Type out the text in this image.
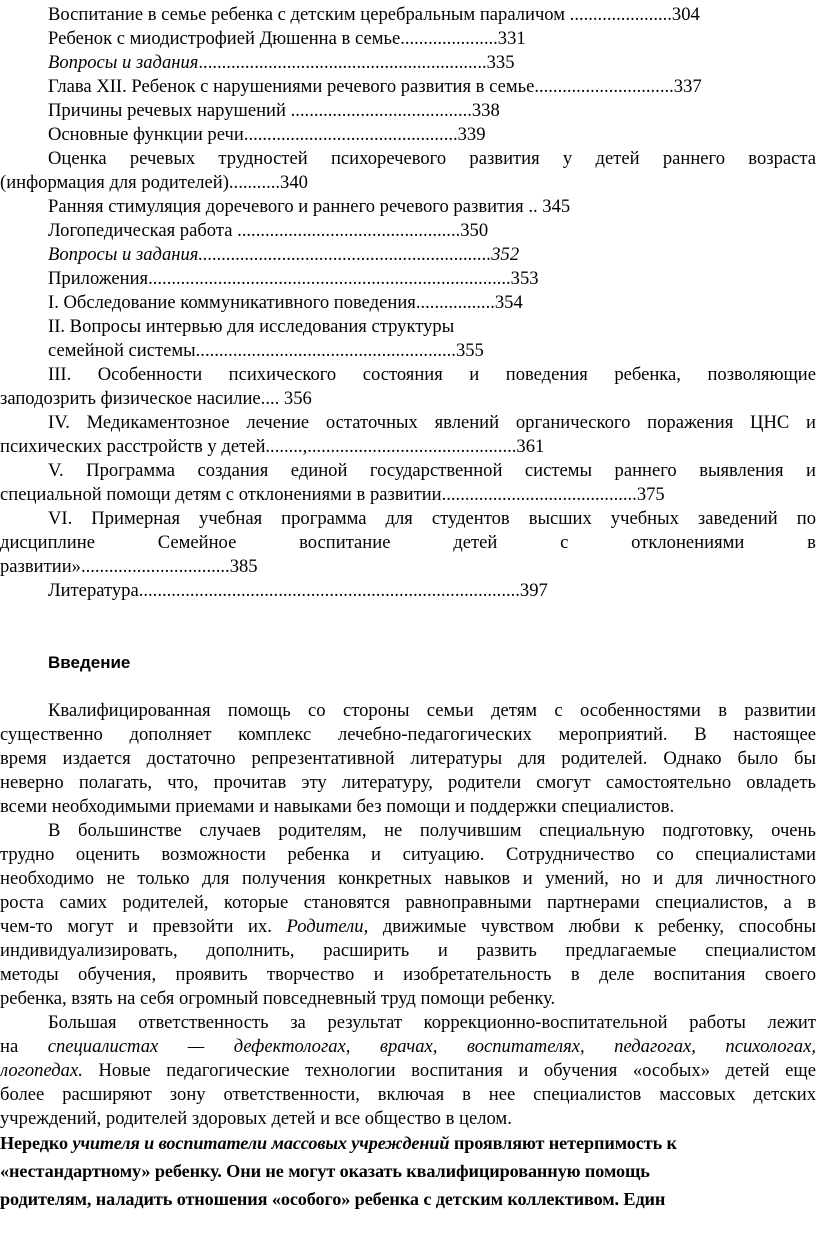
Воспитание в семье ребенка с детским церебральным параличом ......................304
Ребенок с миодистрофией Дюшенна в семье.....................331
Вопросы и задания..............................................................335
Глава XII. Ребенок с нарушениями речевого развития в семье..............................337
Причины речевых нарушений .......................................338
Основные функции речи..............................................339
Оценка речевых трудностей психоречевого развития у детей раннего возраста
(информация для родителей)...........340
Ранняя стимуляция доречевого и раннего речевого развития .. 345
Логопедическая работа ................................................350
Вопросы и задания...............................................................352
Приложения..............................................................................353
I. Обследование коммуникативного поведения.................354
II. Вопросы интервью для исследования структуры
семейной системы........................................................355
III. Особенности психического состояния и поведения ребенка, позволяющие
заподозрить физическое насилие.... 356
IV. Медикаментозное лечение остаточных явлений органического поражения ЦНС и
психических расстройств у детей........,.............................................361
V. Программа создания единой государственной системы раннего выявления и
специальной помощи детям с отклонениями в развитии..........................................375
VI. Примерная учебная программа для студентов высших учебных заведений по
дисциплине	Семейное	воспитание	детей	с	отклонениями	в
развитии»................................385
Литература..................................................................................397
Введение
Квалифицированная помощь со стороны семьи детям с особенностями в развитии
существенно дополняет комплекс лечебно-педагогических мероприятий. В настоящее
время издается достаточно репрезентативной литературы для родителей. Однако было бы
неверно полагать, что, прочитав эту литературу, родители смогут самостоятельно овладеть
всеми необходимыми приемами и навыками без помощи и поддержки специалистов.
В большинстве случаев родителям, не получившим специальную подготовку, очень
трудно оценить возможности ребенка и ситуацию. Сотрудничество со специалистами
необходимо не только для получения конкретных навыков и умений, но и для личностного
роста самих родителей, которые становятся равноправными партнерами специалистов, а в
чем-то могут и превзойти их. Родители, движимые чувством любви к ребенку, способны
индивидуализировать, дополнить, расширить и развить предлагаемые специалистом
методы обучения, проявить творчество и изобретательность в деле воспитания своего
ребенка, взять на себя огромный повседневный труд помощи ребенку.
Большая ответственность за результат коррекционно-воспитательной работы лежит
на специалистах — дефектологах, врачах, воспитателях, педагогах, психологах,
логопедах. Новые педагогические технологии воспитания и обучения «особых» детей еще
более расширяют зону ответственности, включая в нее специалистов массовых детских
учреждений, родителей здоровых детей и все общество в целом.
Нередко учителя и воспитатели массовых учреждений проявляют нетерпимость к
«нестандартному» ребенку. Они не могут оказать квалифицированную помощь
родителям, наладить отношения «особого» ребенка с детским коллективом. Един
